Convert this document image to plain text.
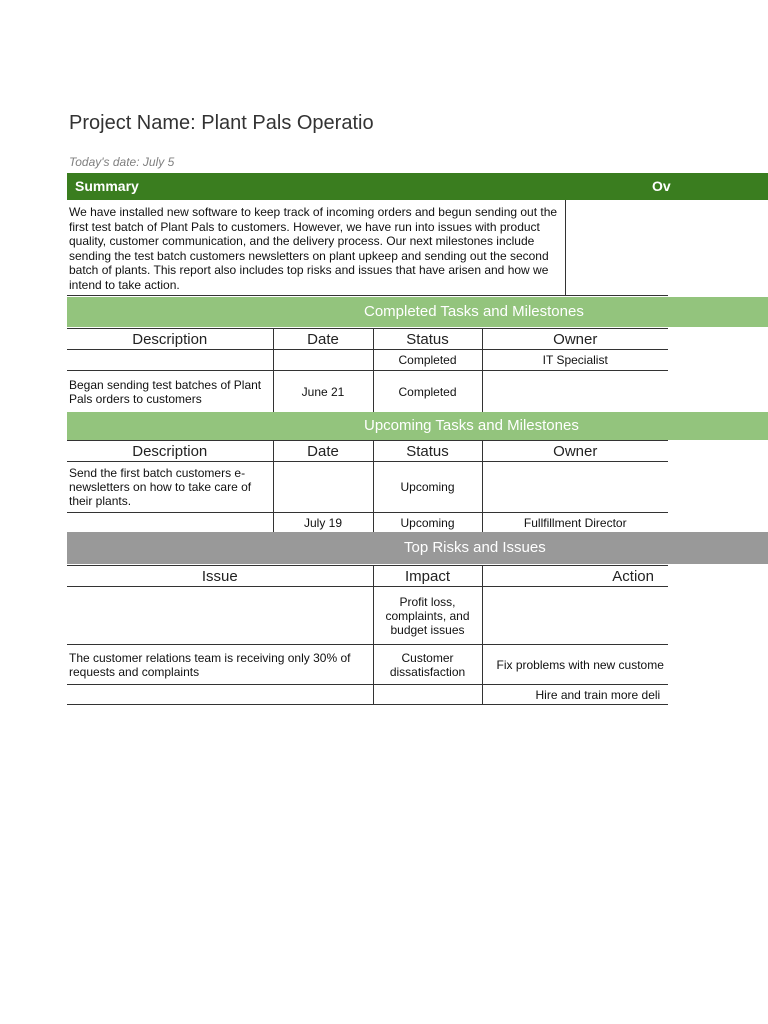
Project Name: Plant Pals Operatio
Today's date: July 5
Summary	Ov
We have installed new software to keep track of incoming orders and begun sending out the first test batch of Plant Pals to customers. However, we have run into issues with product quality, customer communication, and the delivery process. Our next milestones include sending the test batch customers newsletters on plant upkeep and sending out the second batch of plants. This report also includes top risks and issues that have arisen and how we intend to take action.
Completed Tasks and Milestones
Description	Date	Status	Owner
		Completed	IT Specialist
Began sending test batches of Plant Pals orders to customers	June 21	Completed	
Upcoming Tasks and Milestones
Description	Date	Status	Owner
Send the first batch customers e-newsletters on how to take care of their plants.		Upcoming	
	July 19	Upcoming	Fullfillment Director
Top Risks and Issues
Issue	Impact	Action
	Profit loss, complaints, and budget issues	
The customer relations team is receiving only 30% of requests and complaints	Customer dissatisfaction	Fix problems with new custome
		Hire and train more deli
